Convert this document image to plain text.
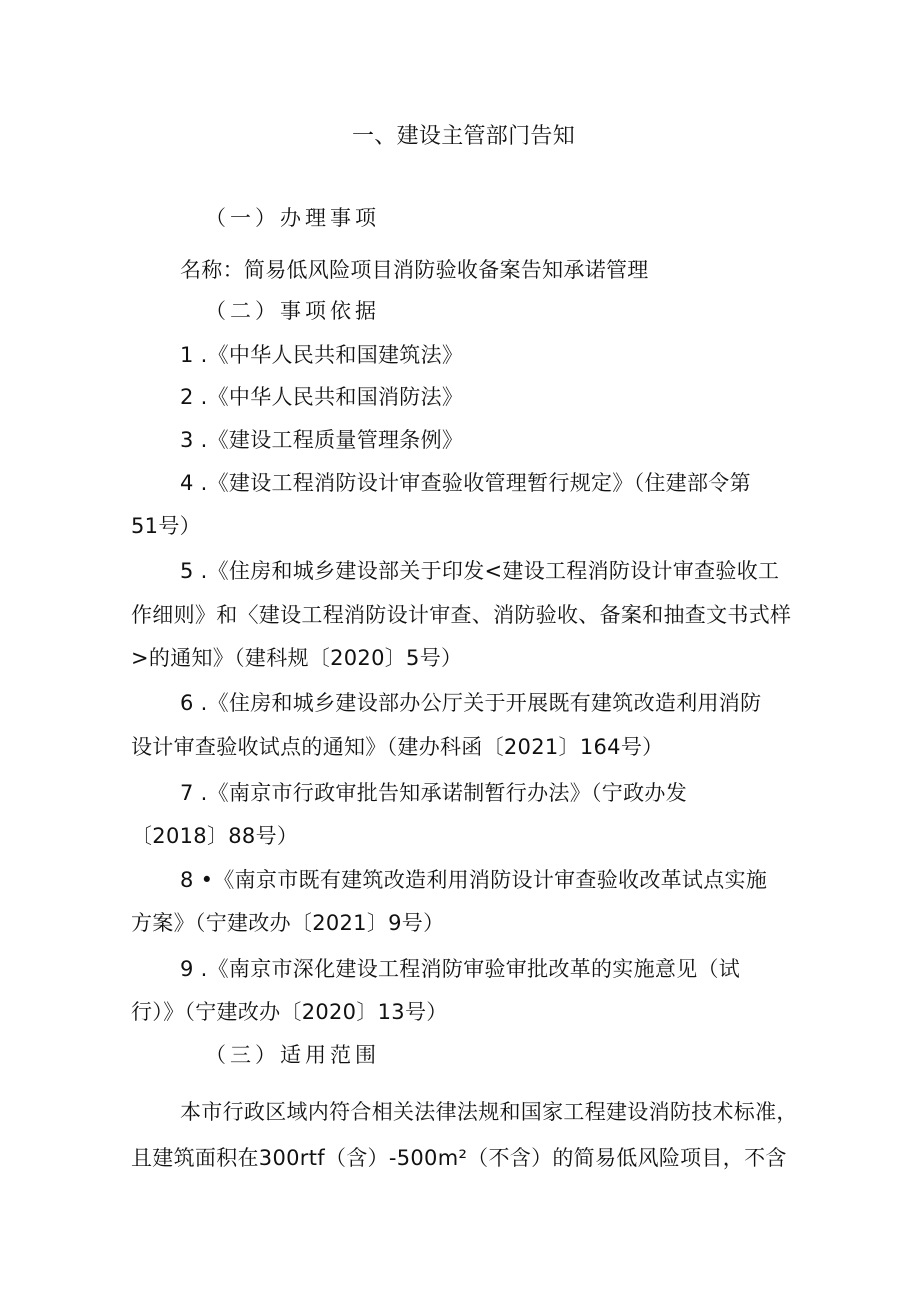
一、建设主管部门告知
（一）办理事项
名称：简易低风险项目消防验收备案告知承诺管理
（二）事项依据
1 .《中华人民共和国建筑法》
2 .《中华人民共和国消防法》
3 .《建设工程质量管理条例》
4 .《建设工程消防设计审查验收管理暂行规定》（住建部令第
51号）
5 .《住房和城乡建设部关于印发<建设工程消防设计审查验收工
作细则》和〈建设工程消防设计审查、消防验收、备案和抽查文书式样
>的通知》（建科规〔2020〕5号）
6 .《住房和城乡建设部办公厅关于开展既有建筑改造利用消防
设计审查验收试点的通知》（建办科函〔2021〕164号）
7 .《南京市行政审批告知承诺制暂行办法》（宁政办发
〔2018〕88号）
8 •《南京市既有建筑改造利用消防设计审查验收改革试点实施
方案》（宁建改办〔2021〕9号）
9 .《南京市深化建设工程消防审验审批改革的实施意见（试
行）》（宁建改办〔2020〕13号）
（三）适用范围
本市行政区域内符合相关法律法规和国家工程建设消防技术标准，
且建筑面积在300rtf（含）-500m²（不含）的简易低风险项目，不含
